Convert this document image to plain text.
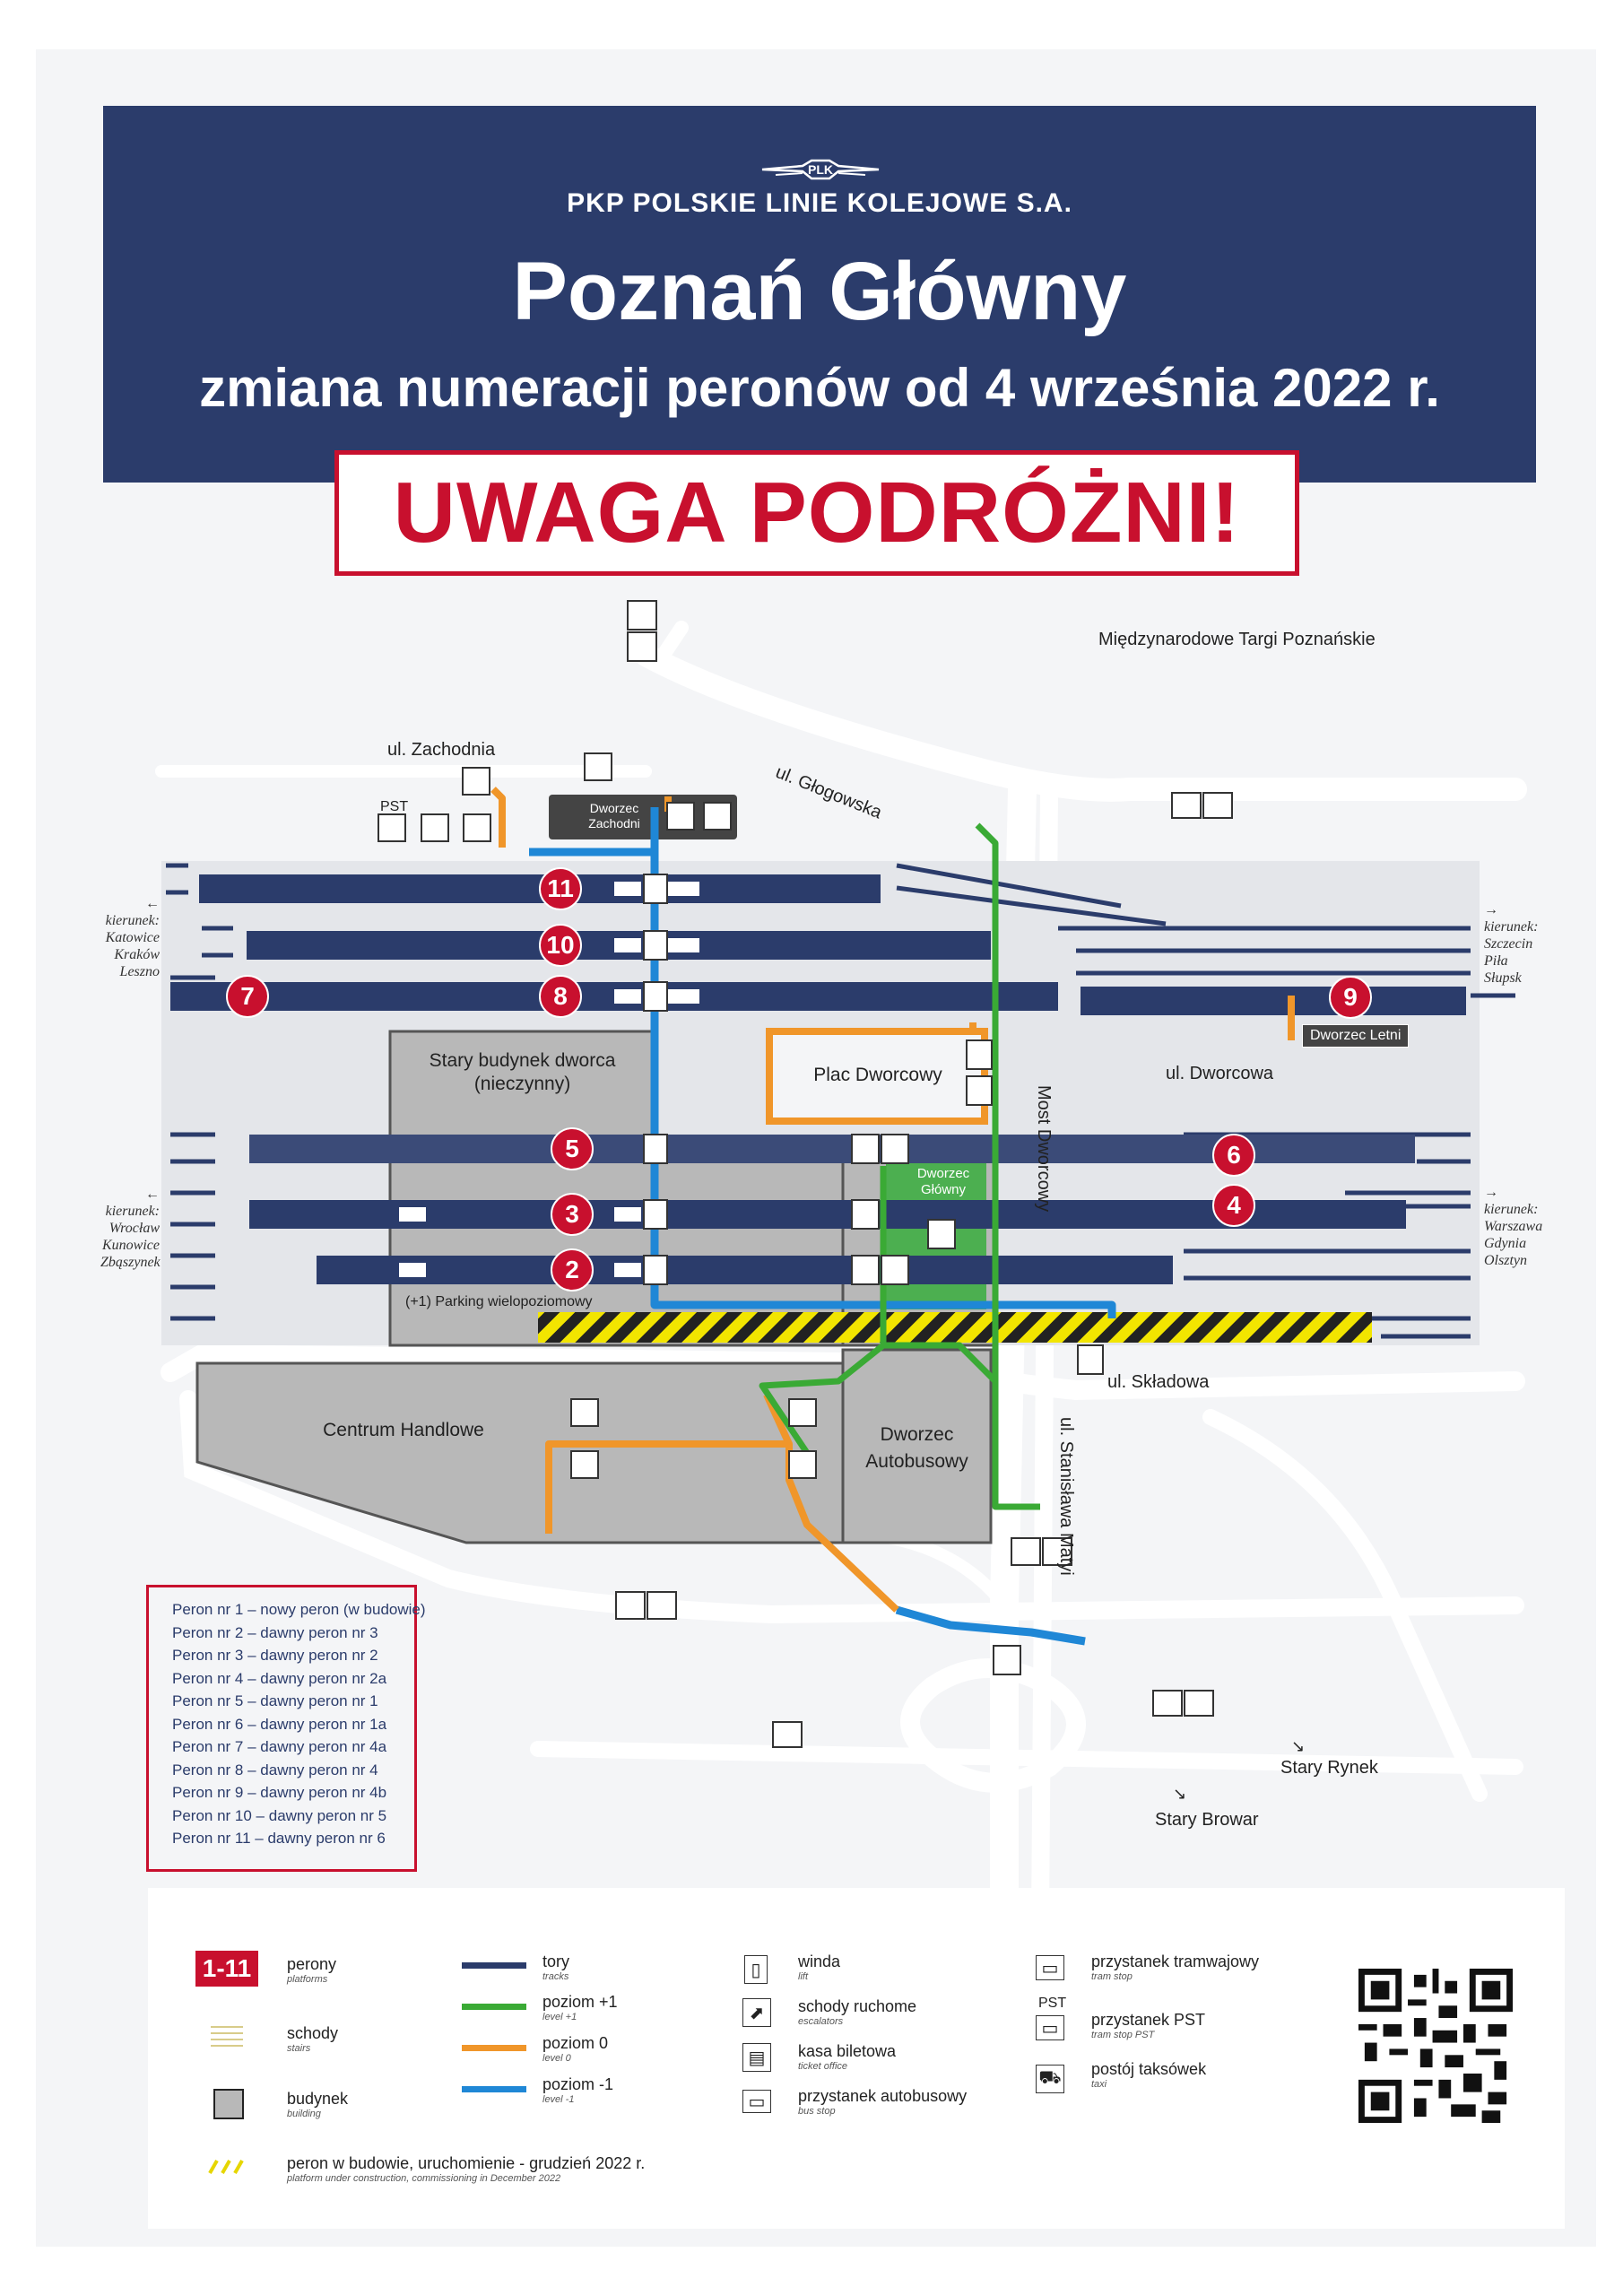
PLK
PKP POLSKIE LINIE KOLEJOWE S.A.
Poznań Główny
zmiana numeracji peronów od 4 września 2022 r.
UWAGA PODRÓŻNI!
Międzynarodowe Targi Poznańskie
ul. Zachodnia
ul. Głogowska
Most Dworcowy
ul. Dworcowa
ul. Składowa
ul. Stanisława Matyi
↘
Stary Rynek
↘
Stary Browar
PST	Dworzec Zachodni
Stary budynek dworca
(nieczynny)	Plac Dworcowy
Dworzec Letni
Dworzec Główny
(+1) Parking wielopoziomowy
Centrum Handlowe	Dworzec Autobusowy
←
kierunek:
Katowice
Kraków
Leszno
←
kierunek:
Wrocław
Kunowice
Zbąszynek
→
kierunek:
Szczecin
Piła
Słupsk
→
kierunek:
Warszawa
Gdynia
Olsztyn
11
10
8
7	9
5	6
3	4
2
Peron nr 1 – nowy peron (w budowie)
Peron nr 2 – dawny peron nr 3
Peron nr 3 – dawny peron nr 2
Peron nr 4 – dawny peron nr 2a
Peron nr 5 – dawny peron nr 1
Peron nr 6 – dawny peron nr 1a
Peron nr 7 – dawny peron nr 4a
Peron nr 8 – dawny peron nr 4
Peron nr 9 – dawny peron nr 4b
Peron nr 10 – dawny peron nr 5
Peron nr 11 – dawny peron nr 6
1-11	perony
platforms
schody
stairs
budynek
building
peron w budowie, uruchomienie - grudzień 2022 r.
platform under construction, commissioning in December 2022
tory
tracks
poziom +1
level +1
poziom 0
level 0
poziom -1
level -1
▯	winda
lift
⬈	schody ruchome
escalators
▤	kasa biletowa
ticket office
▭	przystanek autobusowy
bus stop
▭	przystanek tramwajowy
tram stop
PST
▭	przystanek PST
tram stop PST
⛟ postój taksówek
taxi
